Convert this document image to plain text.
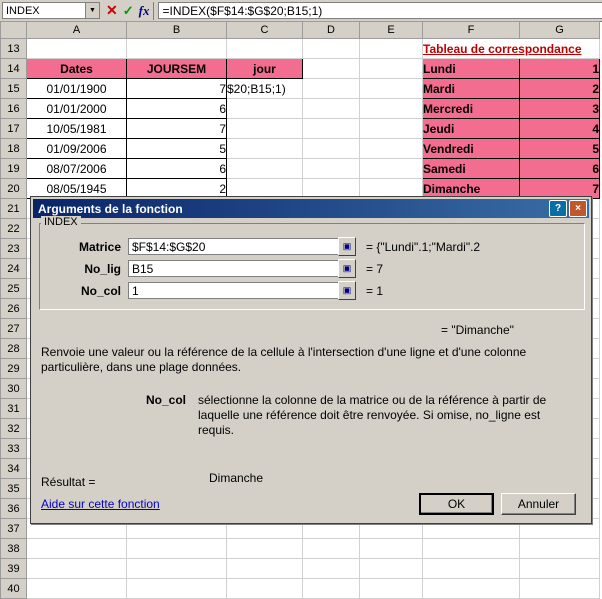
INDEX	▼ ✕ ✓ fx	=INDEX($F$14:$G$20;B15;1)
	A	B	C	D	E	F	G
13						Tableau de correspondance	
14	Dates	JOURSEM	jour			Lundi	1
15	01/01/1900	7	$20;B15;1)			Mardi	2
16	01/01/2000	6				Mercredi	3
17	10/05/1981	7				Jeudi	4
18	01/09/2006	5				Vendredi	5
19	08/07/2006	6				Samedi	6
20	08/05/1945	2				Dimanche	7
21							
22							
23							
24							
25							
26							
27							
28							
29							
30							
31							
32							
33							
34							
35							
36							
37							
38							
39							
40							
Arguments de la fonction	?	×
INDEX
Matrice $F$14:$G$20	▣	= {"Lundi".1;"Mardi".2
No_lig B15	▣	= 7
No_col 1	▣	= 1
= "Dimanche"
Renvoie une valeur ou la référence de la cellule à l'intersection d'une ligne et d'une colonne particulière, dans une plage données.
No_col sélectionne la colonne de la matrice ou de la référence à partir de laquelle une référence doit être renvoyée. Si omise, no_ligne est requis.
Résultat =	Dimanche
Aide sur cette fonction	OK	Annuler
